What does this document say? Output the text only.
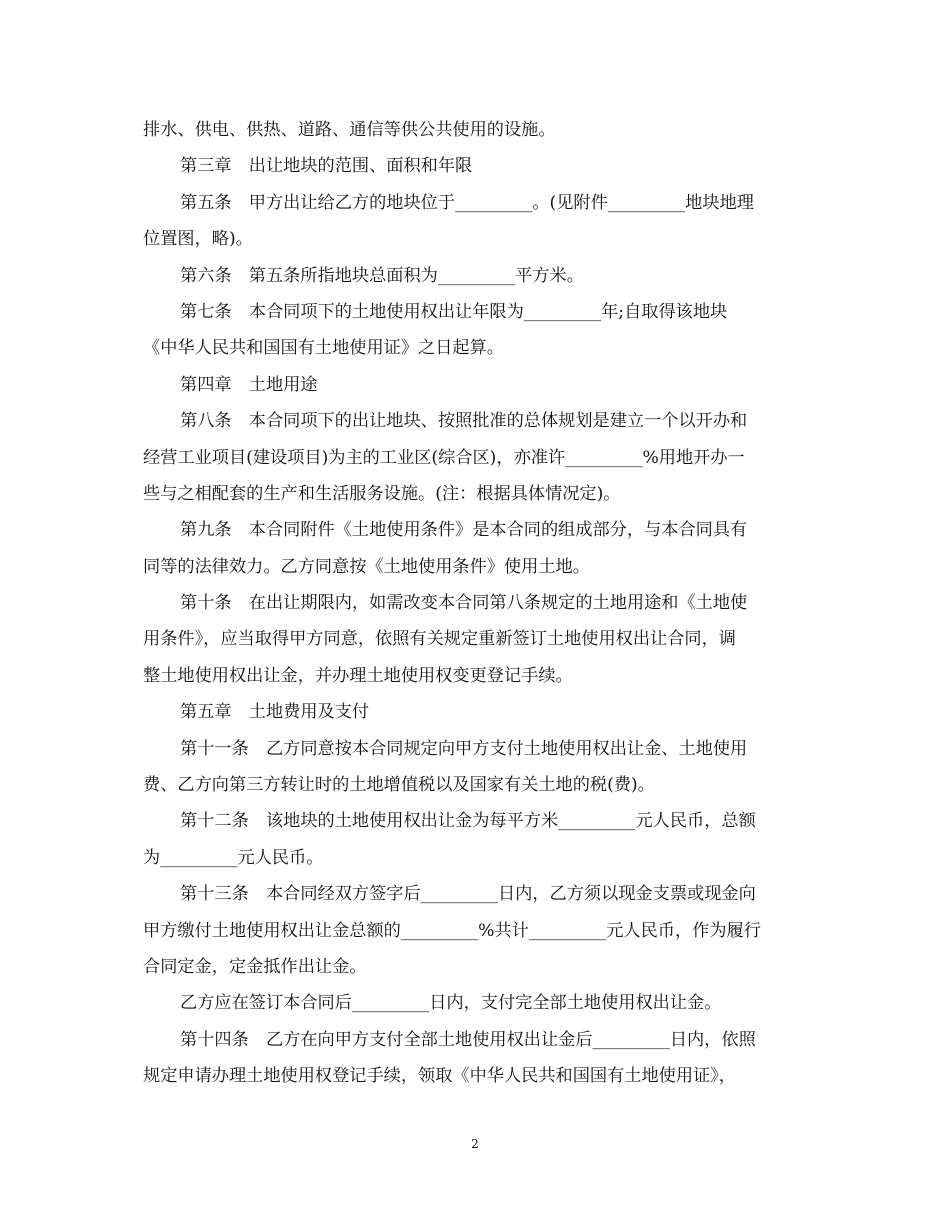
排水、供电、供热、道路、通信等供公共使用的设施。
第三章　出让地块的范围、面积和年限
第五条　甲方出让给乙方的地块位于_________。(见附件_________地块地理
位置图，略)。
第六条　第五条所指地块总面积为_________平方米。
第七条　本合同项下的土地使用权出让年限为_________年;自取得该地块
《中华人民共和国国有土地使用证》之日起算。
第四章　土地用途
第八条　本合同项下的出让地块、按照批准的总体规划是建立一个以开办和
经营工业项目(建设项目)为主的工业区(综合区)，亦准许_________%用地开办一
些与之相配套的生产和生活服务设施。(注：根据具体情况定)。
第九条　本合同附件《土地使用条件》是本合同的组成部分，与本合同具有
同等的法律效力。乙方同意按《土地使用条件》使用土地。
第十条　在出让期限内，如需改变本合同第八条规定的土地用途和《土地使
用条件》，应当取得甲方同意，依照有关规定重新签订土地使用权出让合同，调
整土地使用权出让金，并办理土地使用权变更登记手续。
第五章　土地费用及支付
第十一条　乙方同意按本合同规定向甲方支付土地使用权出让金、土地使用
费、乙方向第三方转让时的土地增值税以及国家有关土地的税(费)。
第十二条　该地块的土地使用权出让金为每平方米_________元人民币，总额
为_________元人民币。
第十三条　本合同经双方签字后_________日内，乙方须以现金支票或现金向
甲方缴付土地使用权出让金总额的_________%共计_________元人民币，作为履行
合同定金，定金抵作出让金。
乙方应在签订本合同后_________日内，支付完全部土地使用权出让金。
第十四条　乙方在向甲方支付全部土地使用权出让金后_________日内，依照
规定申请办理土地使用权登记手续，领取《中华人民共和国国有土地使用证》，
2
